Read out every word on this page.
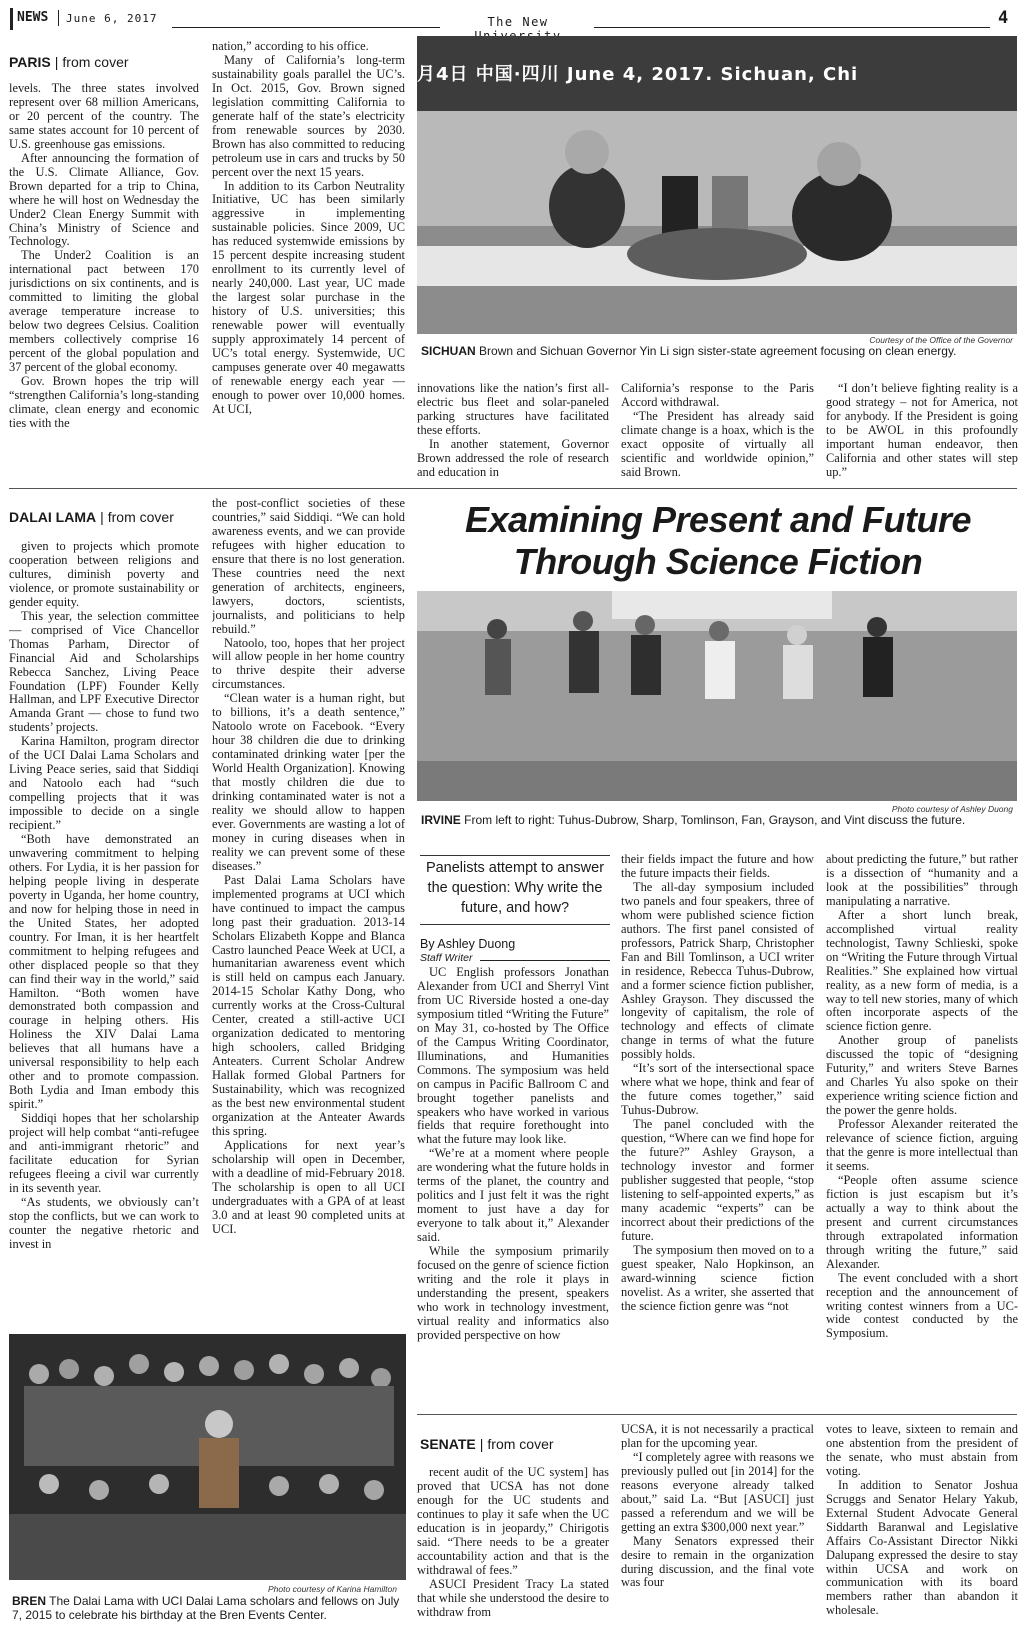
NEWS June 6, 2017	The New	4
PARIS | from cover

levels. The three states involved represent over 68 million Americans, or 20 percent of the country. The same states account for 10 percent of U.S. greenhouse gas emissions.

After announcing the formation of the U.S. Climate Alliance, Gov. Brown departed for a trip to China, where he will host on Wednesday the Under2 Clean Energy Summit with China’s Ministry of Science and Technology.

The Under2 Coalition is an international pact between 170 jurisdictions on six continents, and is committed to limiting the global average temperature increase to below two degrees Celsius. Coalition members collectively comprise 16 percent of the global population and 37 percent of the global economy.

Gov. Brown hopes the trip will “strengthen California’s long-standing climate, clean energy and economic ties with the

nation,” according to his office.

Many of California’s long-term sustainability goals parallel the UC’s. In Oct. 2015, Gov. Brown signed legislation committing California to generate half of the state’s electricity from renewable sources by 2030. Brown has also committed to reducing petroleum use in cars and trucks by 50 percent over the next 15 years.

In addition to its Carbon Neutrality Initiative, UC has been similarly aggressive in implementing sustainable policies. Since 2009, UC has reduced systemwide emissions by 15 percent despite increasing student enrollment to its currently level of nearly 240,000. Last year, UC made the largest solar purchase in the history of U.S. universities; this renewable power will eventually supply approximately 14 percent of UC’s total energy. Systemwide, UC campuses generate over 40 megawatts of renewable energy each year — enough to power over 10,000 homes. At UCI,

月4日 中国·四川 June 4, 2017. Sichuan, Chi
Courtesy of the Office of the Governor
SICHUAN Brown and Sichuan Governor Yin Li sign sister-state agreement focusing on clean energy.

innovations like the nation’s first all-electric bus fleet and solar-paneled parking structures have facilitated these efforts.

In another statement, Governor Brown addressed the role of research and education in

California’s response to the Paris Accord withdrawal.

“The President has already said climate change is a hoax, which is the exact opposite of virtually all scientific and worldwide opinion,” said Brown.

“I don’t believe fighting reality is a good strategy – not for America, not for anybody. If the President is going to be AWOL in this profoundly important human endeavor, then California and other states will step up.”

DALAI LAMA | from cover

given to projects which promote cooperation between religions and cultures, diminish poverty and violence, or promote sustainability or gender equity.

This year, the selection committee — comprised of Vice Chancellor Thomas Parham, Director of Financial Aid and Scholarships Rebecca Sanchez, Living Peace Foundation (LPF) Founder Kelly Hallman, and LPF Executive Director Amanda Grant — chose to fund two students’ projects.

Karina Hamilton, program director of the UCI Dalai Lama Scholars and Living Peace series, said that Siddiqi and Natoolo each had “such compelling projects that it was impossible to decide on a single recipient.”

“Both have demonstrated an unwavering commitment to helping others. For Lydia, it is her passion for helping people living in desperate poverty in Uganda, her home country, and now for helping those in need in the United States, her adopted country. For Iman, it is her heartfelt commitment to helping refugees and other displaced people so that they can find their way in the world,” said Hamilton. “Both women have demonstrated both compassion and courage in helping others. His Holiness the XIV Dalai Lama believes that all humans have a universal responsibility to help each other and to promote compassion. Both Lydia and Iman embody this spirit.”

Siddiqi hopes that her scholarship project will help combat “anti-refugee and anti-immigrant rhetoric” and facilitate education for Syrian refugees fleeing a civil war currently in its seventh year.

“As students, we obviously can’t stop the conflicts, but we can work to counter the negative rhetoric and invest in

the post-conflict societies of these countries,” said Siddiqi. “We can hold awareness events, and we can provide refugees with higher education to ensure that there is no lost generation. These countries need the next generation of architects, engineers, lawyers, doctors, scientists, journalists, and politicians to help rebuild.”

Natoolo, too, hopes that her project will allow people in her home country to thrive despite their adverse circumstances.

“Clean water is a human right, but to billions, it’s a death sentence,” Natoolo wrote on Facebook. “Every hour 38 children die due to drinking contaminated drinking water [per the World Health Organization]. Knowing that mostly children die due to drinking contaminated water is not a reality we should allow to happen ever. Governments are wasting a lot of money in curing diseases when in reality we can prevent some of these diseases.”

Past Dalai Lama Scholars have implemented programs at UCI which have continued to impact the campus long past their graduation. 2013-14 Scholars Elizabeth Koppe and Blanca Castro launched Peace Week at UCI, a humanitarian awareness event which is still held on campus each January. 2014-15 Scholar Kathy Dong, who currently works at the Cross-Cultural Center, created a still-active UCI organization dedicated to mentoring high schoolers, called Bridging Anteaters. Current Scholar Andrew Hallak formed Global Partners for Sustainability, which was recognized as the best new environmental student organization at the Anteater Awards this spring.

Applications for next year’s scholarship will open in December, with a deadline of mid-February 2018. The scholarship is open to all UCI undergraduates with a GPA of at least 3.0 and at least 90 completed units at UCI.

Photo courtesy of Karina Hamilton
BREN The Dalai Lama with UCI Dalai Lama scholars and fellows on July 7, 2015 to celebrate his birthday at the Bren Events Center.
Examining Present and Future Through Science Fiction
Photo courtesy of Ashley Duong
IRVINE From left to right: Tuhus-Dubrow, Sharp, Tomlinson, Fan, Grayson, and Vint discuss the future.
Panelists attempt to answer the question: Why write the future, and how?
By Ashley Duong
Staff Writer

UC English professors Jonathan Alexander from UCI and Sherryl Vint from UC Riverside hosted a one-day symposium titled “Writing the Future” on May 31, co-hosted by The Office of the Campus Writing Coordinator, Illuminations, and Humanities Commons. The symposium was held on campus in Pacific Ballroom C and brought together panelists and speakers who have worked in various fields that require forethought into what the future may look like.

“We’re at a moment where people are wondering what the future holds in terms of the planet, the country and politics and I just felt it was the right moment to just have a day for everyone to talk about it,” Alexander said.

While the symposium primarily focused on the genre of science fiction writing and the role it plays in understanding the present, speakers who work in technology investment, virtual reality and informatics also provided perspective on how

their fields impact the future and how the future impacts their fields.

The all-day symposium included two panels and four speakers, three of whom were published science fiction authors. The first panel consisted of professors, Patrick Sharp, Christopher Fan and Bill Tomlinson, a UCI writer in residence, Rebecca Tuhus-Dubrow, and a former science fiction publisher, Ashley Grayson. They discussed the longevity of capitalism, the role of technology and effects of climate change in terms of what the future possibly holds.

“It’s sort of the intersectional space where what we hope, think and fear of the future comes together,” said Tuhus-Dubrow.

The panel concluded with the question, “Where can we find hope for the future?” Ashley Grayson, a technology investor and former publisher suggested that people, “stop listening to self-appointed experts,” as many academic “experts” can be incorrect about their predictions of the future.

The symposium then moved on to a guest speaker, Nalo Hopkinson, an award-winning science fiction novelist. As a writer, she asserted that the science fiction genre was “not

about predicting the future,” but rather is a dissection of “humanity and a look at the possibilities” through manipulating a narrative.

After a short lunch break, accomplished virtual reality technologist, Tawny Schlieski, spoke on “Writing the Future through Virtual Realities.” She explained how virtual reality, as a new form of media, is a way to tell new stories, many of which often incorporate aspects of the science fiction genre.

Another group of panelists discussed the topic of “designing Futurity,” and writers Steve Barnes and Charles Yu also spoke on their experience writing science fiction and the power the genre holds.

Professor Alexander reiterated the relevance of science fiction, arguing that the genre is more intellectual than it seems.

“People often assume science fiction is just escapism but it’s actually a way to think about the present and current circumstances through extrapolated information through writing the future,” said Alexander.

The event concluded with a short reception and the announcement of writing contest winners from a UC-wide contest conducted by the Symposium.

SENATE | from cover

recent audit of the UC system] has proved that UCSA has not done enough for the UC students and continues to play it safe when the UC education is in jeopardy,” Chirigotis said. “There needs to be a greater accountability action and that is the withdrawal of fees.”

ASUCI President Tracy La stated that while she understood the desire to withdraw from

UCSA, it is not necessarily a practical plan for the upcoming year.

“I completely agree with reasons we previously pulled out [in 2014] for the reasons everyone already talked about,” said La. “But [ASUCI] just passed a referendum and we will be getting an extra $300,000 next year.”

Many Senators expressed their desire to remain in the organization during discussion, and the final vote was four

votes to leave, sixteen to remain and one abstention from the president of the senate, who must abstain from voting.

In addition to Senator Joshua Scruggs and Senator Helary Yakub, External Student Advocate General Siddarth Baranwal and Legislative Affairs Co-Assistant Director Nikki Dalupang expressed the desire to stay within UCSA and work on communication with its board members rather than abandon it wholesale.
